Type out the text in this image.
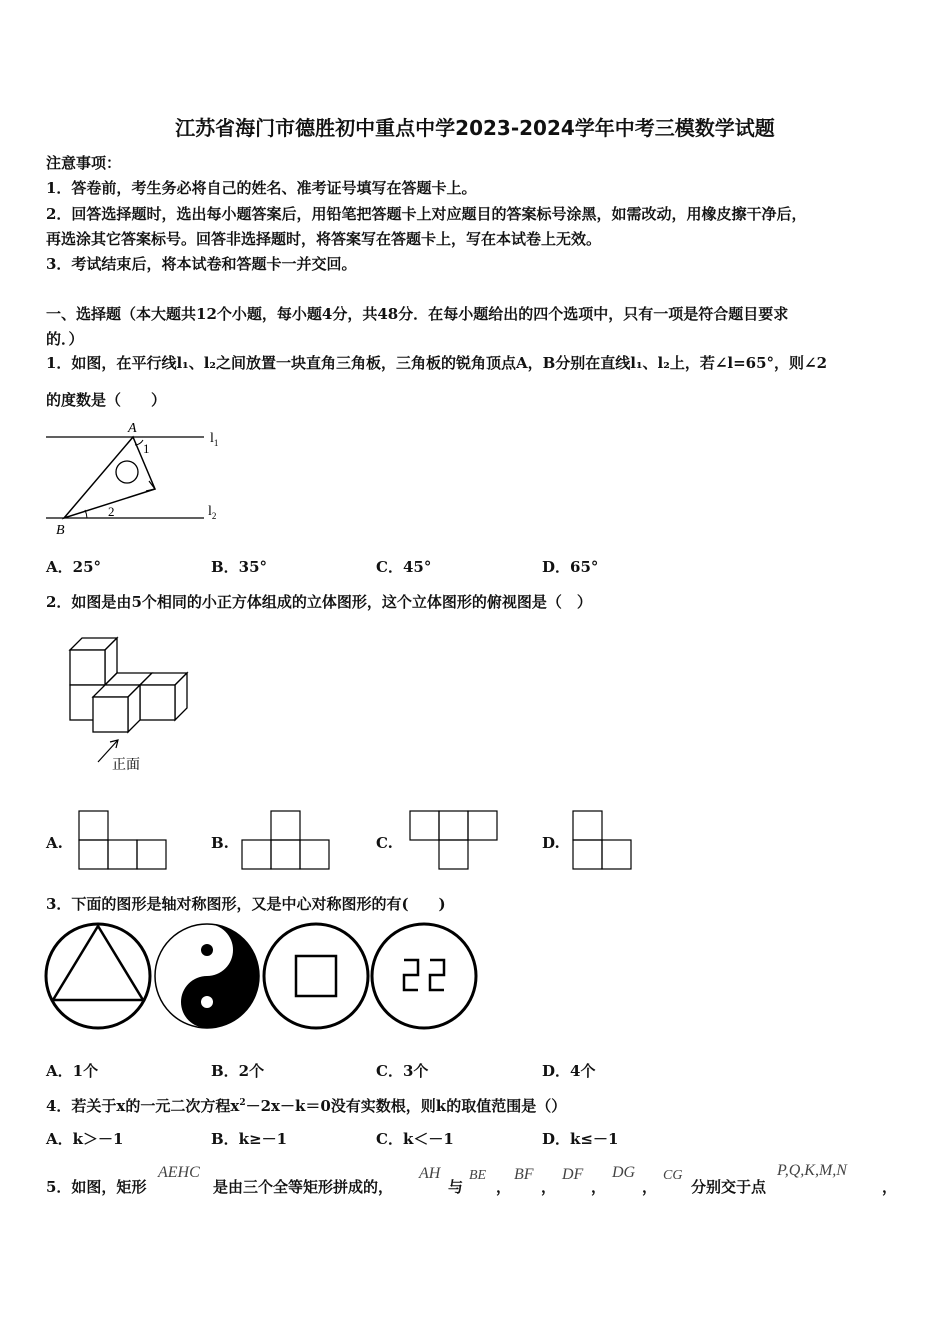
江苏省海门市德胜初中重点中学2023-2024学年中考三模数学试题
注意事项：
1．答卷前，考生务必将自己的姓名、准考证号填写在答题卡上。
2．回答选择题时，选出每小题答案后，用铅笔把答题卡上对应题目的答案标号涂黑，如需改动，用橡皮擦干净后，
再选涂其它答案标号。回答非选择题时，将答案写在答题卡上，写在本试卷上无效。
3．考试结束后，将本试卷和答题卡一并交回。
一、选择题（本大题共12个小题，每小题4分，共48分．在每小题给出的四个选项中，只有一项是符合题目要求
的．）
1．如图，在平行线l₁、l₂之间放置一块直角三角板，三角板的锐角顶点A，B分别在直线l₁、l₂上，若∠l=65°，则∠2
的度数是（　　）
A
B
1
2
$l_1$
$l_2$
A．25°	B．35°	C．45°	D．65°
2．如图是由5个相同的小正方体组成的立体图形，这个立体图形的俯视图是（　）
正面
A.	B.	C.	D.
3．下面的图形是轴对称图形，又是中心对称图形的有(　　)
A．1个	B．2个	C．3个	D．4个
4．若关于x的一元二次方程$x^2-2x-k=0$没有实数根，则k的取值范围是（）
A．k＞－1	B．k≥－1	C．k＜－1	D．k≤－1
5．如图，矩形
AEHC
是由三个全等矩形拼成的，
AH
与
BE
，
BF
，
DF
，
DG
，
CG
分别交于点
P,Q,K,M,N
，
